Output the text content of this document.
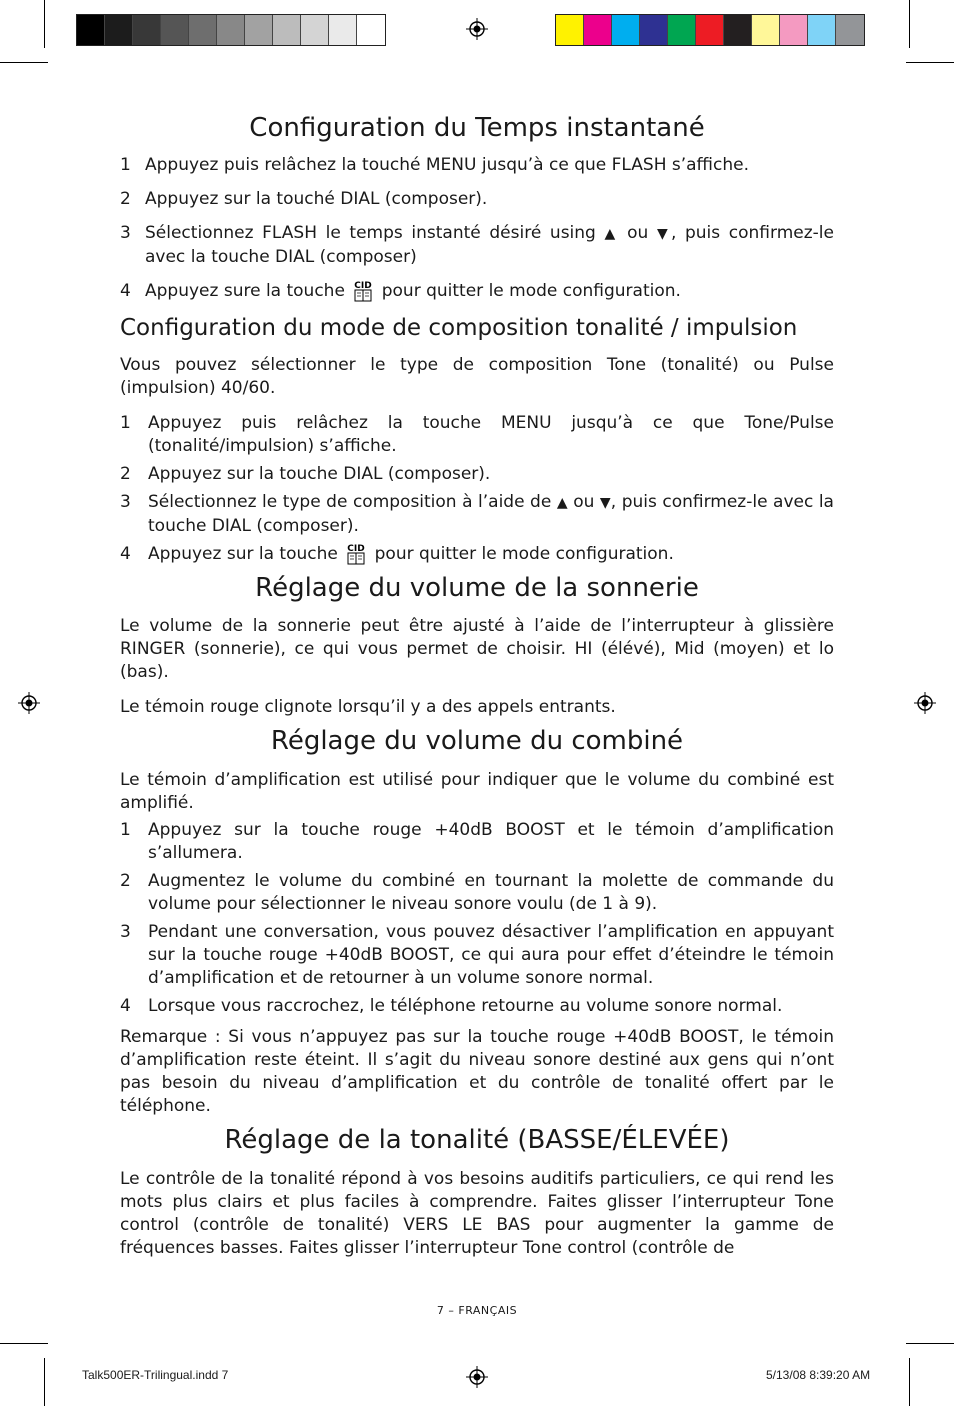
Configuration du Temps instantané
1 Appuyez puis relâchez la touché MENU jusqu’à ce que FLASH s’affiche.
2 Appuyez sur la touché DIAL (composer).
3 Sélectionnez FLASH le temps instanté désiré using ▲ ou ▼, puis confirmez-le avec la touche DIAL (composer)
4 Appuyez sure la touche CID pour quitter le mode configuration.
Configuration du mode de composition tonalité / impulsion

Vous pouvez sélectionner le type de composition Tone (tonalité) ou Pulse (impulsion) 40/60.

1	Appuyez puis relâchez la touche MENU jusqu’à ce que Tone/Pulse (tonalité/impulsion) s’affiche.
2	Appuyez sur la touche DIAL (composer).
3	Sélectionnez le type de composition à l’aide de ▲ ou ▼, puis confirmez-le avec la touche DIAL (composer).
4	Appuyez sur la touche CID pour quitter le mode configuration.
Réglage du volume de la sonnerie

Le volume de la sonnerie peut être ajusté à l’aide de l’interrupteur à glissière RINGER (sonnerie), ce qui vous permet de choisir. HI (élévé), Mid (moyen) et lo (bas).

Le témoin rouge clignote lorsqu’il y a des appels entrants.

Réglage du volume du combiné

Le témoin d’amplification est utilisé pour indiquer que le volume du combiné est amplifié.

1	Appuyez sur la touche rouge +40dB BOOST et le témoin d’amplification s’allumera.
2	Augmentez le volume du combiné en tournant la molette de commande du volume pour sélectionner le niveau sonore voulu (de 1 à 9).
3	Pendant une conversation, vous pouvez désactiver l’amplification en appuyant sur la touche rouge +40dB BOOST, ce qui aura pour effet d’éteindre le témoin d’amplification et de retourner à un volume sonore normal.
4	Lorsque vous raccrochez, le téléphone retourne au volume sonore normal.

Remarque : Si vous n’appuyez pas sur la touche rouge +40dB BOOST, le témoin d’amplification reste éteint. Il s’agit du niveau sonore destiné aux gens qui n’ont pas besoin du niveau d’amplification et du contrôle de tonalité offert par le téléphone.

Réglage de la tonalité (BASSE/ÉLEVÉE)

Le contrôle de la tonalité répond à vos besoins auditifs particuliers, ce qui rend les mots plus clairs et plus faciles à comprendre. Faites glisser l’interrupteur Tone control (contrôle de tonalité) VERS LE BAS pour augmenter la gamme de fréquences basses. Faites glisser l’interrupteur Tone control (contrôle de

7 – FRANÇAIS
Talk500ER-Trilingual.indd 7	5/13/08 8:39:20 AM
